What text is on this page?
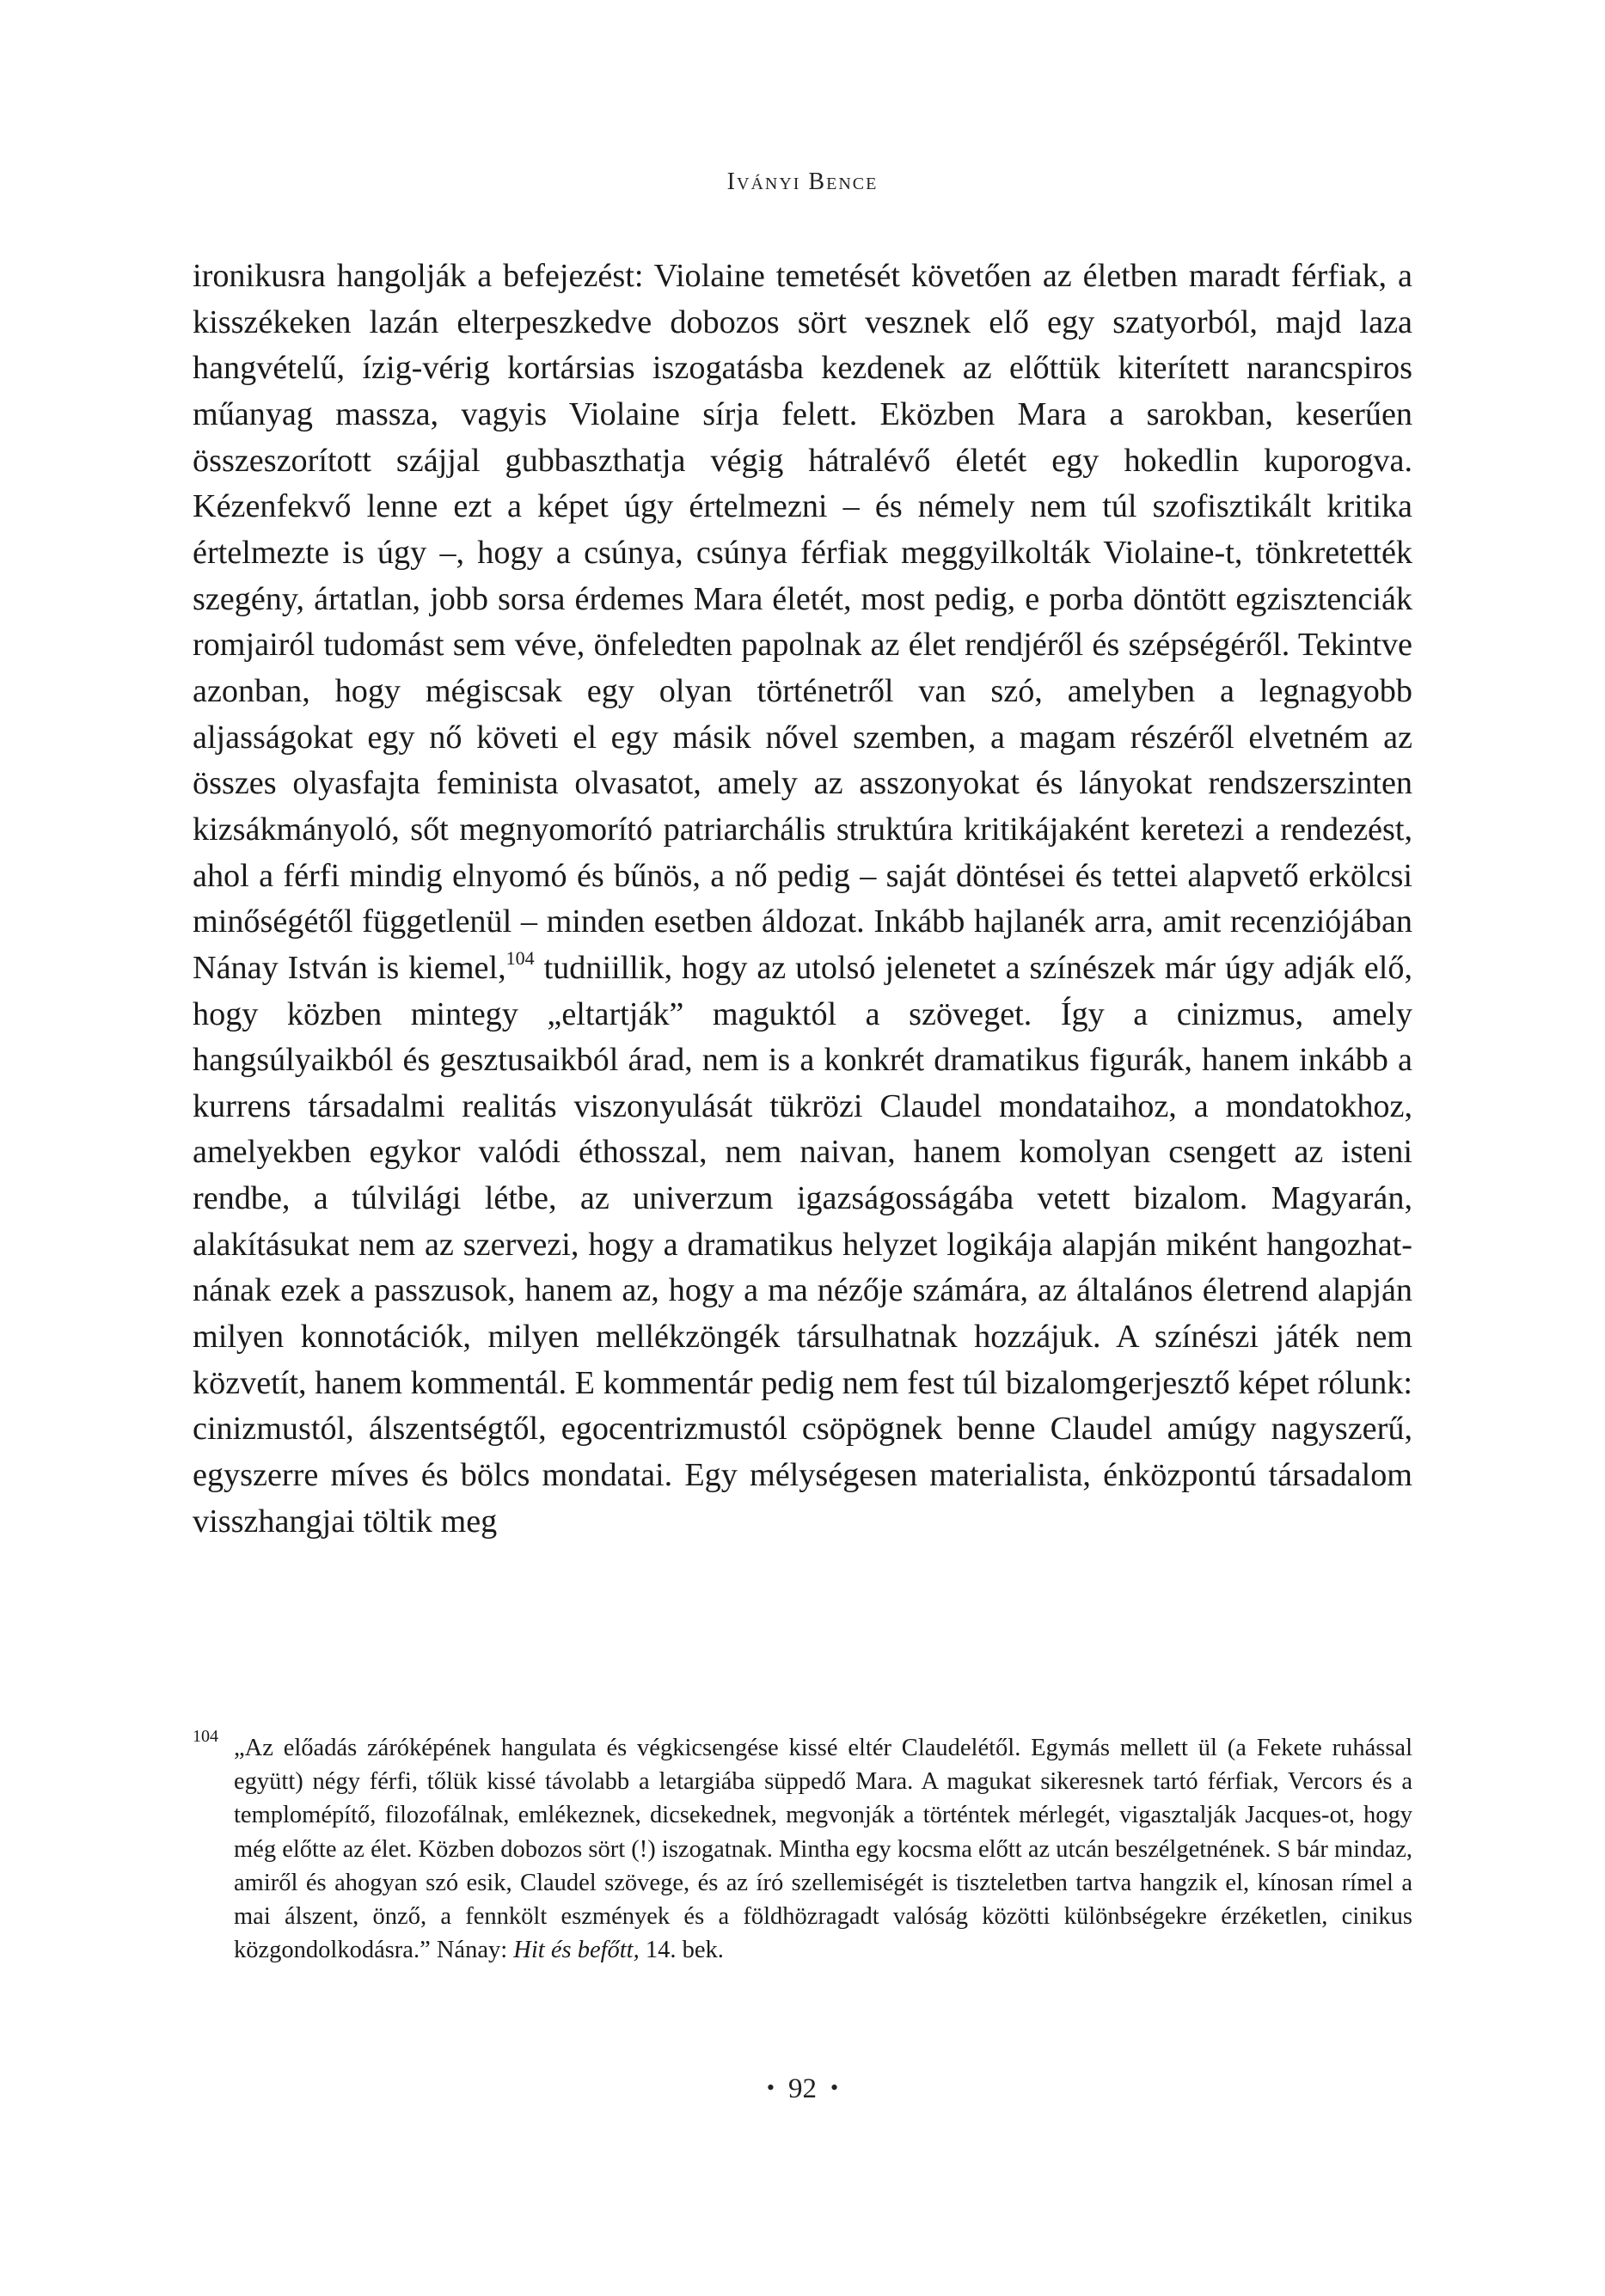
Iványi Bence

ironikusra hangolják a befejezést: Violaine temetését követően az életben maradt férfiak, a kisszékeken lazán elterpeszkedve dobozos sört vesznek elő egy szatyorból, majd laza hangvételű, ízig-vérig kortársias iszogatásba kezdenek az előttük kiterített narancspiros műanyag massza, vagyis Violaine sírja felett. Eközben Mara a sarokban, keserűen összeszorított szájjal gubbaszthatja végig hátralévő életét egy hokedlin kuporogva. Kézenfekvő lenne ezt a képet úgy értelmezni – és némely nem túl szofisztikált kritika értelmezte is úgy –, hogy a csúnya, csúnya férfiak meggyilkolták Violaine-t, tönkretették szegény, ártatlan, jobb sorsa érdemes Mara életét, most pedig, e porba döntött egzisztenciák romjairól tudomást sem véve, önfeledten papolnak az élet rendjéről és szépségéről. Tekintve azonban, hogy mégiscsak egy olyan történetről van szó, amelyben a legnagyobb aljasságokat egy nő követi el egy másik nővel szemben, a magam részéről elvetném az összes olyasfajta feminista olvasatot, amely az asszonyokat és lányokat rendszerszinten kizsákmányoló, sőt megnyomorító patriarchális struktúra kritikájaként keretezi a rendezést, ahol a férfi mindig elnyomó és bűnös, a nő pedig – saját döntései és tettei alapvető erkölcsi minőségétől függetlenül – minden esetben áldozat. Inkább hajlanék arra, amit recenziójában Nánay István is kiemel,$^{104}$ tudniillik, hogy az utolsó jelenetet a színészek már úgy adják elő, hogy közben mintegy „eltartják” maguktól a szöveget. Így a cinizmus, amely hangsúlyaikból és gesztusaikból árad, nem is a konkrét dramatikus figurák, hanem inkább a kurrens társadalmi realitás viszonyulását tükrözi Claudel mondataihoz, a mondatokhoz, amelyekben egykor valódi éthosszal, nem naivan, hanem komolyan csengett az isteni rendbe, a túlvilági létbe, az univerzum igazságosságába vetett bizalom. Magyarán, alakításukat nem az szervezi, hogy a dramatikus helyzet logikája alapján miként hangozhatnának ezek a passzusok, hanem az, hogy a ma nézője számára, az általános életrend alapján milyen konnotációk, milyen mellékzöngék társulhatnak hozzájuk. A színészi játék nem közvetít, hanem kommentál. E kommentár pedig nem fest túl bizalomgerjesztő képet rólunk: cinizmustól, álszentségtől, egocentrizmustól csöpögnek benne Claudel amúgy nagyszerű, egyszerre míves és bölcs mondatai. Egy mélységesen materialista, énközpontú társadalom visszhangjai töltik meg

104 „Az előadás záróképének hangulata és végkicsengése kissé eltér Claudelétől. Egymás mellett ül (a Fekete ruhással együtt) négy férfi, tőlük kissé távolabb a letargiába süppedő Mara. A magukat sikeresnek tartó férfiak, Vercors és a templomépítő, filozofálnak, emlékeznek, dicsekednek, megvonják a történtek mérlegét, vigasztalják Jacques-ot, hogy még előtte az élet. Közben dobozos sört (!) iszogatnak. Mintha egy kocsma előtt az utcán beszélgetnének. S bár mindaz, amiről és ahogyan szó esik, Claudel szövege, és az író szellemiségét is tiszteletben tartva hangzik el, kínosan rímel a mai álszent, önző, a fennkölt eszmények és a földhözragadt valóság közötti különbségekre érzéketlen, cinikus közgondolkodásra.” Nánay: Hit és befőtt, 14. bek.

• 92 •
